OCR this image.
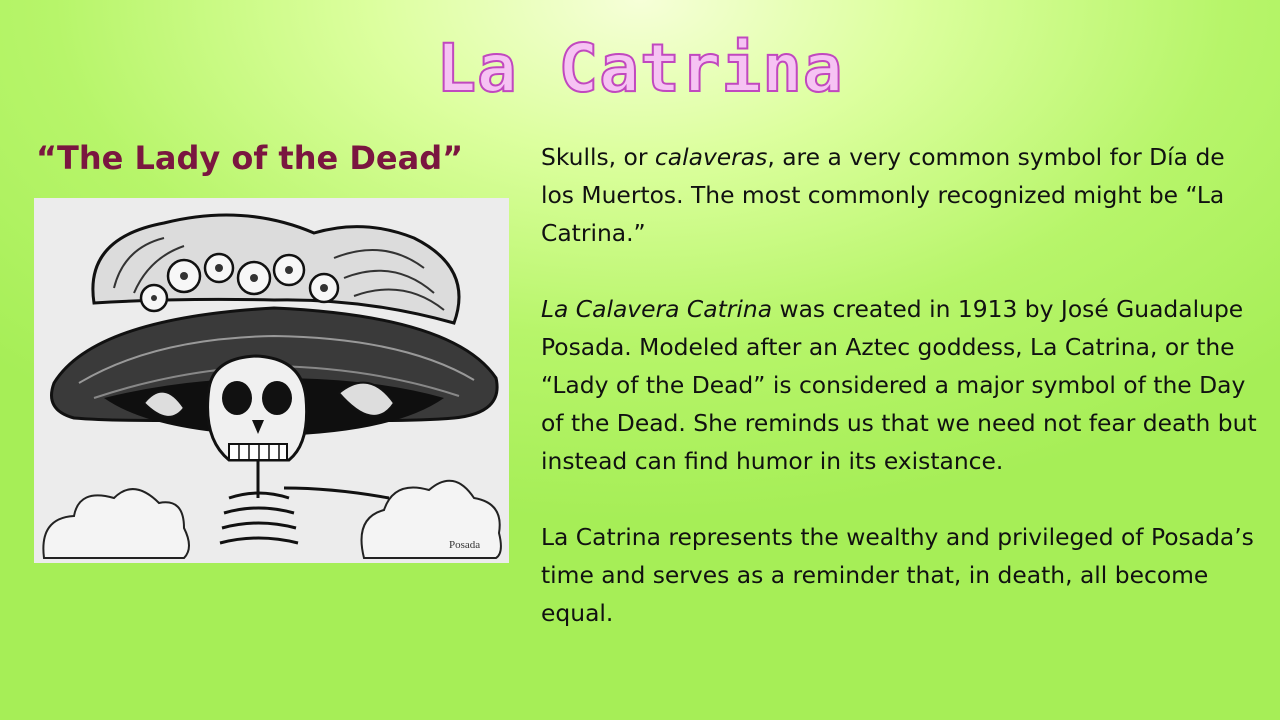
La Catrina
“The Lady of the Dead”
Posada

Skulls, or calaveras, are a very common symbol for Día de los Muertos. The most commonly recognized might be “La Catrina.”

La Calavera Catrina was created in 1913 by José Guadalupe Posada. Modeled after an Aztec goddess, La Catrina, or the “Lady of the Dead” is considered a major symbol of the Day of the Dead. She reminds us that we need not fear death but instead can find humor in its existance.

La Catrina represents the wealthy and privileged of Posada’s time and serves as a reminder that, in death, all become equal.
